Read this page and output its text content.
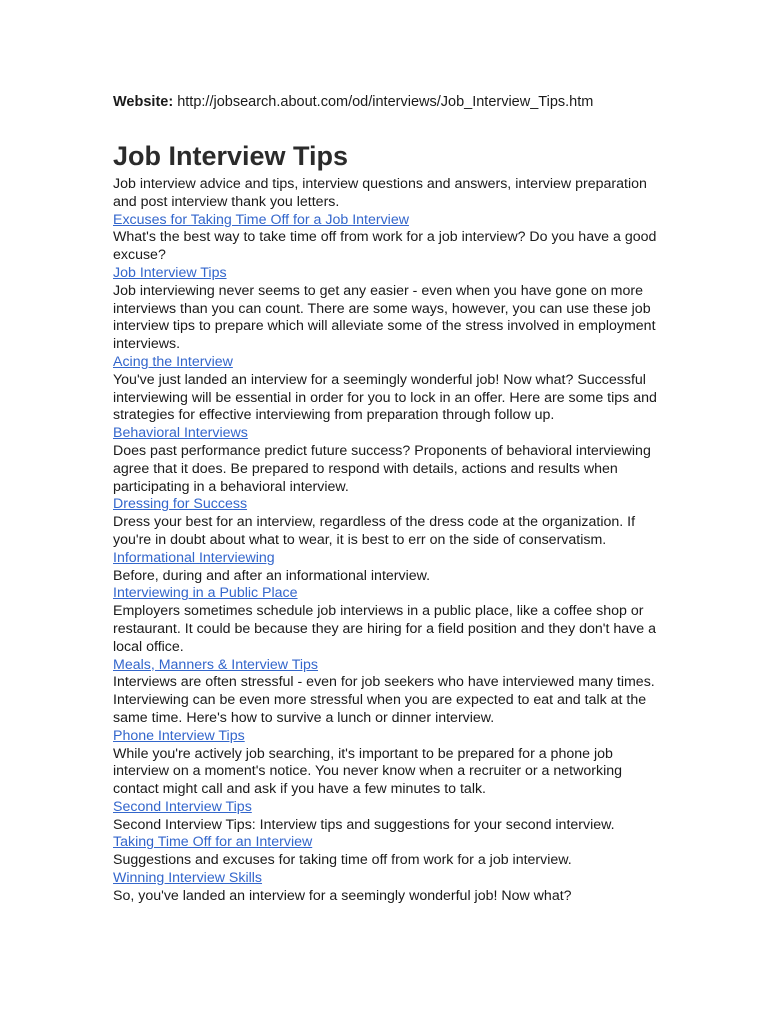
Website: http://jobsearch.about.com/od/interviews/Job_Interview_Tips.htm
Job Interview Tips

Job interview advice and tips, interview questions and answers, interview preparation and post interview thank you letters.

Excuses for Taking Time Off for a Job Interview

What's the best way to take time off from work for a job interview? Do you have a good excuse?

Job Interview Tips

Job interviewing never seems to get any easier - even when you have gone on more interviews than you can count. There are some ways, however, you can use these job interview tips to prepare which will alleviate some of the stress involved in employment interviews.

Acing the Interview

You've just landed an interview for a seemingly wonderful job! Now what? Successful interviewing will be essential in order for you to lock in an offer. Here are some tips and strategies for effective interviewing from preparation through follow up.

Behavioral Interviews

Does past performance predict future success? Proponents of behavioral interviewing agree that it does. Be prepared to respond with details, actions and results when participating in a behavioral interview.

Dressing for Success

Dress your best for an interview, regardless of the dress code at the organization. If you're in doubt about what to wear, it is best to err on the side of conservatism.

Informational Interviewing

Before, during and after an informational interview.

Interviewing in a Public Place

Employers sometimes schedule job interviews in a public place, like a coffee shop or restaurant. It could be because they are hiring for a field position and they don't have a local office.

Meals, Manners & Interview Tips

Interviews are often stressful - even for job seekers who have interviewed many times. Interviewing can be even more stressful when you are expected to eat and talk at the same time. Here's how to survive a lunch or dinner interview.

Phone Interview Tips

While you're actively job searching, it's important to be prepared for a phone job interview on a moment's notice. You never know when a recruiter or a networking contact might call and ask if you have a few minutes to talk.

Second Interview Tips

Second Interview Tips: Interview tips and suggestions for your second interview.

Taking Time Off for an Interview

Suggestions and excuses for taking time off from work for a job interview.

Winning Interview Skills

So, you've landed an interview for a seemingly wonderful job! Now what?
